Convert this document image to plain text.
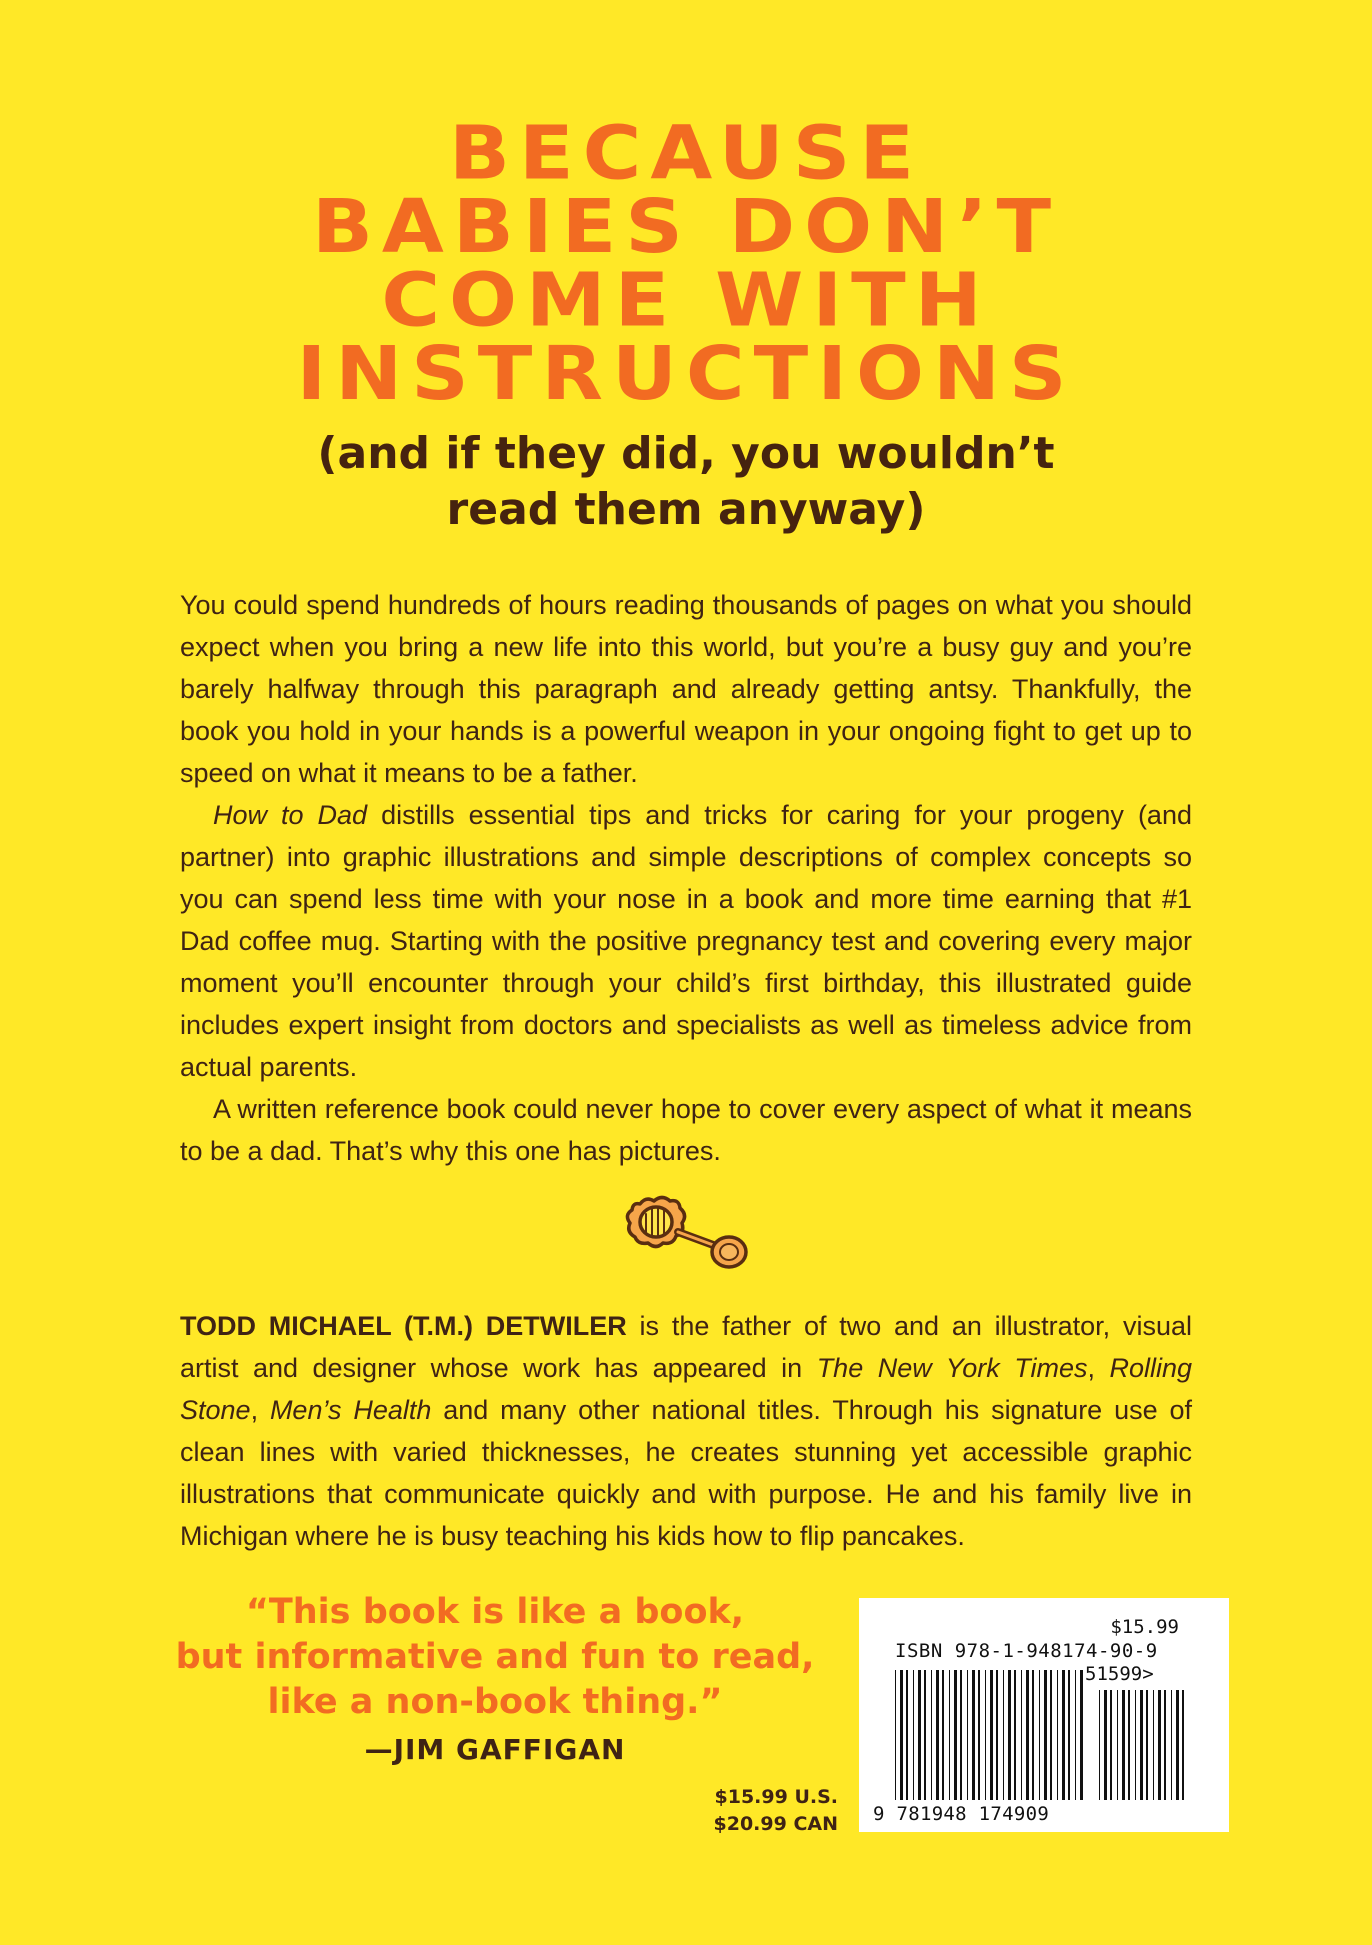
BECAUSE
BABIES DON’T
COME WITH
INSTRUCTIONS
(and if they did, you wouldn’t
read them anyway)

You could spend hundreds of hours reading thousands of pages on what you should expect when you bring a new life into this world, but you’re a busy guy and you’re barely halfway through this paragraph and already getting antsy. Thankfully, the book you hold in your hands is a powerful weapon in your ongoing fight to get up to speed on what it means to be a father.

How to Dad distills essential tips and tricks for caring for your progeny (and partner) into graphic illustrations and simple descriptions of complex concepts so you can spend less time with your nose in a book and more time earning that #1 Dad coffee mug. Starting with the positive pregnancy test and covering every major moment you’ll encounter through your child’s first birthday, this illustrated guide includes expert insight from doctors and specialists as well as timeless advice from actual parents.

A written reference book could never hope to cover every aspect of what it means to be a dad. That’s why this one has pictures.

TODD MICHAEL (T.M.) DETWILER is the father of two and an illustrator, visual artist and designer whose work has appeared in The New York Times, Rolling Stone, Men’s Health and many other national titles. Through his signature use of clean lines with varied thicknesses, he creates stunning yet accessible graphic illustrations that communicate quickly and with purpose. He and his family live in Michigan where he is busy teaching his kids how to flip pancakes.

“This book is like a book,
but informative and fun to read,
like a non-book thing.”
—JIM GAFFIGAN
$15.99 U.S.
$20.99 CAN
$15.99
ISBN 978-1-948174-90-9
51599>
9 781948 174909
